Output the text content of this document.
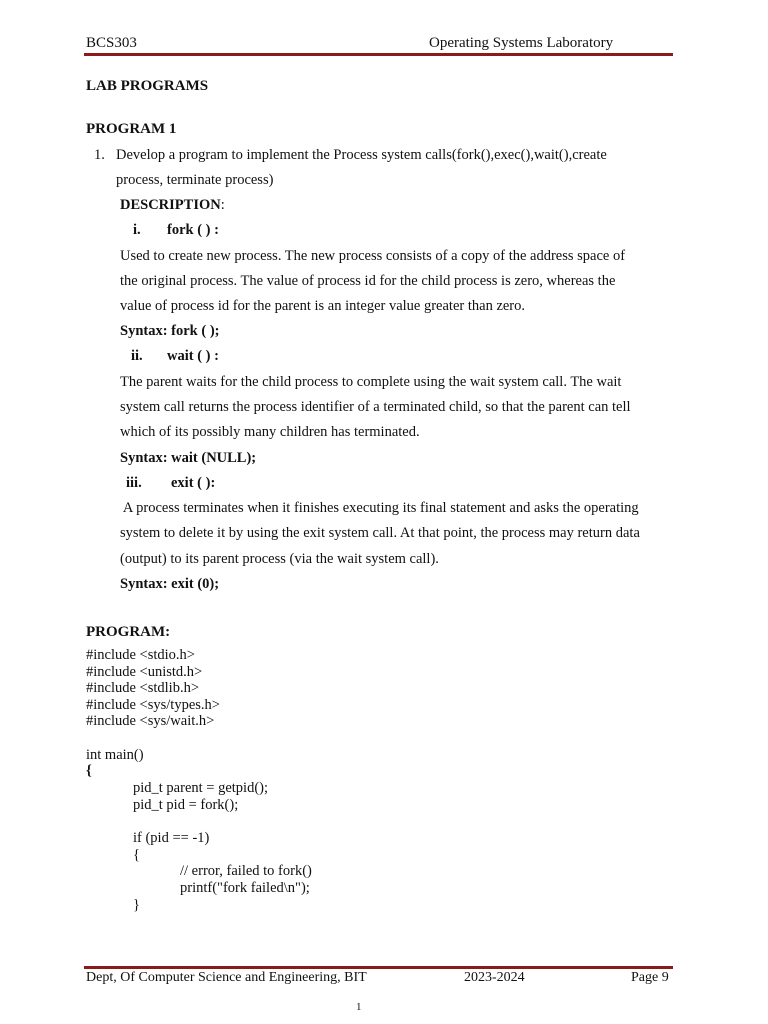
BCS303	Operating Systems Laboratory
LAB PROGRAMS
PROGRAM 1
1. Develop a program to implement the Process system calls(fork(),exec(),wait(),create
process, terminate process)
DESCRIPTION:
i. fork ( ) :
Used to create new process. The new process consists of a copy of the address space of
the original process. The value of process id for the child process is zero, whereas the
value of process id for the parent is an integer value greater than zero.
Syntax: fork ( );
ii. wait ( ) :
The parent waits for the child process to complete using the wait system call. The wait
system call returns the process identifier of a terminated child, so that the parent can tell
which of its possibly many children has terminated.
Syntax: wait (NULL);
iii. exit ( ):
A process terminates when it finishes executing its final statement and asks the operating
system to delete it by using the exit system call. At that point, the process may return data
(output) to its parent process (via the wait system call).
Syntax: exit (0);
PROGRAM:
#include <stdio.h>
#include <unistd.h>
#include <stdlib.h>
#include <sys/types.h>
#include <sys/wait.h>
int main()
{
pid_t parent = getpid();
pid_t pid = fork();
if (pid == -1)
{
// error, failed to fork()
printf("fork failed\n");
}
Dept, Of Computer Science and Engineering, BIT	2023-2024	Page 9
1
